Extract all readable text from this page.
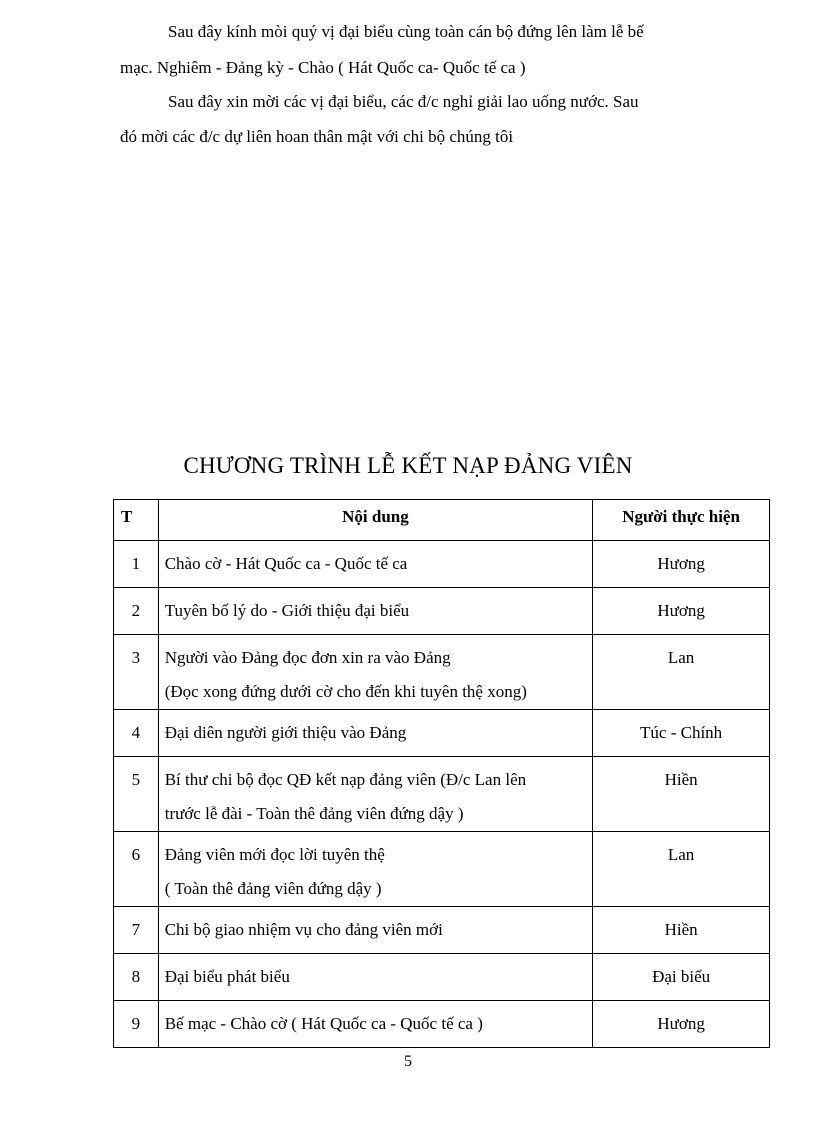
Sau đây kính mòi quý vị đại biểu cùng toàn cán bộ đứng lên làm lễ bế

mạc. Nghiêm - Đảng kỳ - Chào ( Hát Quốc ca- Quốc tế ca )

Sau đây xin mời các vị đại biểu, các đ/c nghỉ giải lao uống nước. Sau

đó mời các đ/c dự liên hoan thân mật với chi bộ chúng tôi

CHƯƠNG TRÌNH LỄ KẾT NẠP ĐẢNG VIÊN
T	Nội dung	Người thực hiện
1	Chào cờ - Hát Quốc ca - Quốc tế ca	Hương
2	Tuyên bố lý do - Giới thiệu đại biểu	Hương
3	Người vào Đảng đọc đơn xin ra vào Đảng
(Đọc xong đứng dưới cờ cho đến khi tuyên thệ xong)	Lan
4	Đại diên người giới thiệu vào Đảng	Túc - Chính
5	Bí thư chi bộ đọc QĐ kết nạp đảng viên (Đ/c Lan lên
trước lễ đài - Toàn thê đảng viên đứng dậy )	Hiền
6	Đảng viên mới đọc lời tuyên thệ
( Toàn thê đảng viên đứng dậy )	Lan
7	Chi bộ giao nhiệm vụ cho đảng viên mới	Hiền
8	Đại biểu phát biểu	Đại biểu
9	Bế mạc - Chào cờ ( Hát Quốc ca - Quốc tế ca )	Hương

5
